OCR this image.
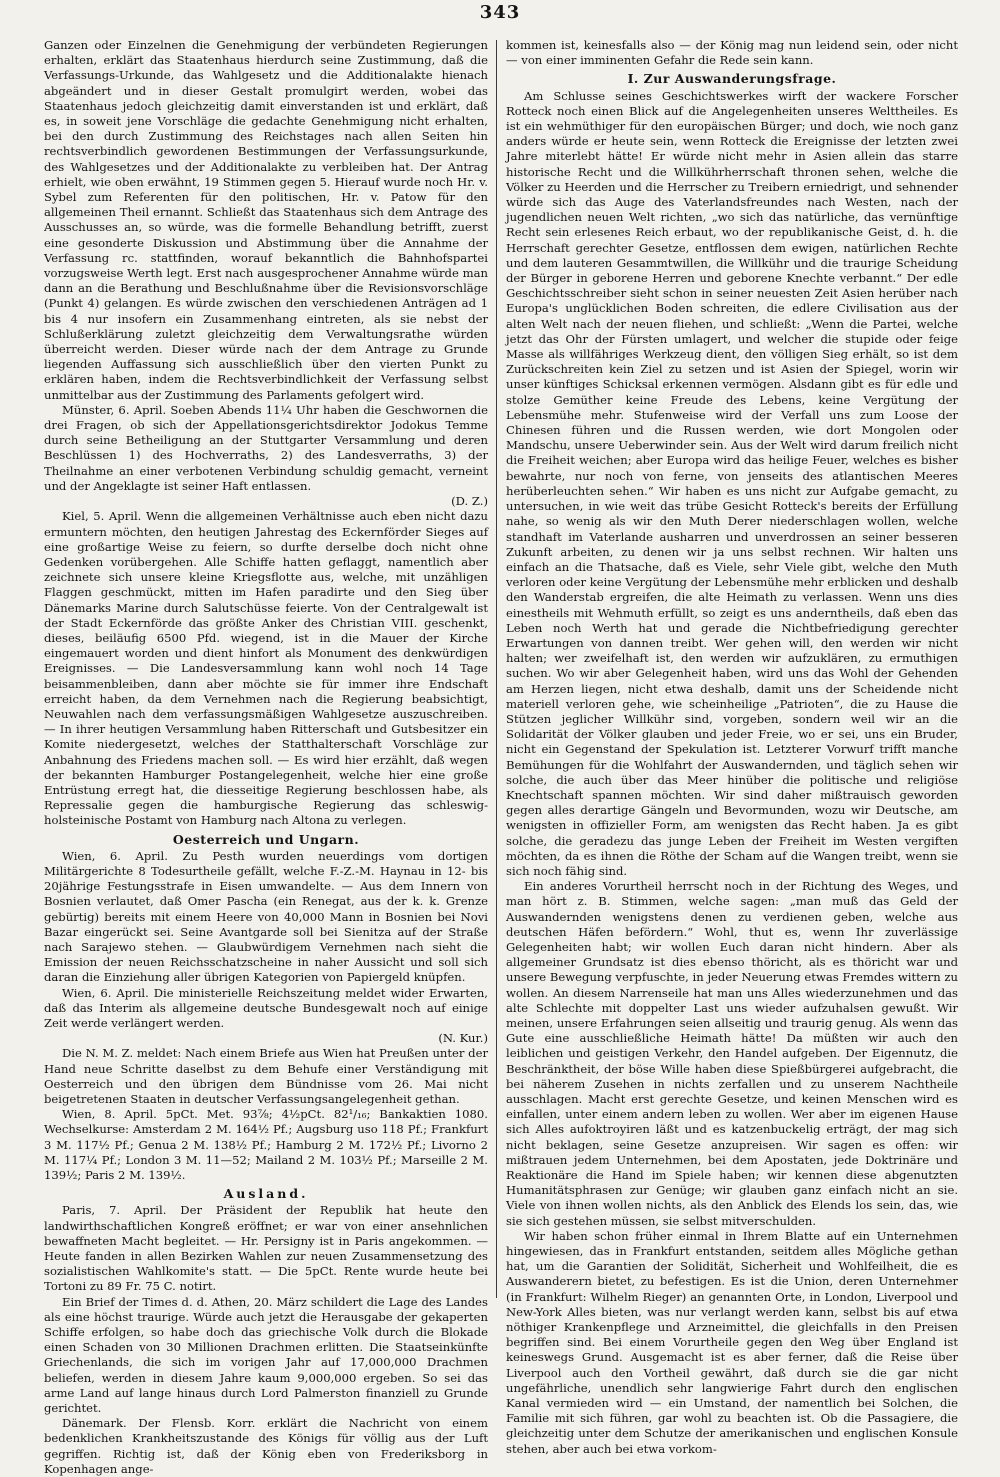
343

Ganzen oder Einzelnen die Genehmigung der verbündeten Regierungen erhalten, erklärt das Staatenhaus hierdurch seine Zustimmung, daß die Verfassungs-Urkunde, das Wahlgesetz und die Additionalakte hienach abgeändert und in dieser Gestalt promulgirt werden, wobei das Staatenhaus jedoch gleichzeitig damit einverstanden ist und erklärt, daß es, in soweit jene Vorschläge die gedachte Genehmigung nicht erhalten, bei den durch Zustimmung des Reichstages nach allen Seiten hin rechtsverbindlich gewordenen Bestimmungen der Verfassungsurkunde, des Wahlgesetzes und der Additionalakte zu verbleiben hat. Der Antrag erhielt, wie oben erwähnt, 19 Stimmen gegen 5. Hierauf wurde noch Hr. v. Sybel zum Referenten für den politischen, Hr. v. Patow für den allgemeinen Theil ernannt. Schließt das Staatenhaus sich dem Antrage des Ausschusses an, so würde, was die formelle Behandlung betrifft, zuerst eine gesonderte Diskussion und Abstimmung über die Annahme der Verfassung rc. stattfinden, worauf bekanntlich die Bahnhofspartei vorzugsweise Werth legt. Erst nach ausgesprochener Annahme würde man dann an die Berathung und Beschlußnahme über die Revisionsvorschläge (Punkt 4) gelangen. Es würde zwischen den verschiedenen Anträgen ad 1 bis 4 nur insofern ein Zusammenhang eintreten, als sie nebst der Schlußerklärung zuletzt gleichzeitig dem Verwaltungsrathe würden überreicht werden. Dieser würde nach der dem Antrage zu Grunde liegenden Auffassung sich ausschließlich über den vierten Punkt zu erklären haben, indem die Rechtsverbindlichkeit der Verfassung selbst unmittelbar aus der Zustimmung des Parlaments gefolgert wird.

Münster, 6. April. Soeben Abends 11¼ Uhr haben die Geschwornen die drei Fragen, ob sich der Appellationsgerichtsdirektor Jodokus Temme durch seine Betheiligung an der Stuttgarter Versammlung und deren Beschlüssen 1) des Hochverraths, 2) des Landesverraths, 3) der Theilnahme an einer verbotenen Verbindung schuldig gemacht, verneint und der Angeklagte ist seiner Haft entlassen.

(D. Z.)

Kiel, 5. April. Wenn die allgemeinen Verhältnisse auch eben nicht dazu ermuntern möchten, den heutigen Jahrestag des Eckernförder Sieges auf eine großartige Weise zu feiern, so durfte derselbe doch nicht ohne Gedenken vorübergehen. Alle Schiffe hatten geflaggt, namentlich aber zeichnete sich unsere kleine Kriegsflotte aus, welche, mit unzähligen Flaggen geschmückt, mitten im Hafen paradirte und den Sieg über Dänemarks Marine durch Salutschüsse feierte. Von der Centralgewalt ist der Stadt Eckernförde das größte Anker des Christian VIII. geschenkt, dieses, beiläufig 6500 Pfd. wiegend, ist in die Mauer der Kirche eingemauert worden und dient hinfort als Monument des denkwürdigen Ereignisses. — Die Landesversammlung kann wohl noch 14 Tage beisammenbleiben, dann aber möchte sie für immer ihre Endschaft erreicht haben, da dem Vernehmen nach die Regierung beabsichtigt, Neuwahlen nach dem verfassungsmäßigen Wahlgesetze auszuschreiben. — In ihrer heutigen Versammlung haben Ritterschaft und Gutsbesitzer ein Komite niedergesetzt, welches der Statthalterschaft Vorschläge zur Anbahnung des Friedens machen soll. — Es wird hier erzählt, daß wegen der bekannten Hamburger Postangelegenheit, welche hier eine große Entrüstung erregt hat, die diesseitige Regierung beschlossen habe, als Repressalie gegen die hamburgische Regierung das schleswig-holsteinische Postamt von Hamburg nach Altona zu verlegen.

Oesterreich und Ungarn.

Wien, 6. April. Zu Pesth wurden neuerdings vom dortigen Militärgerichte 8 Todesurtheile gefällt, welche F.-Z.-M. Haynau in 12- bis 20jährige Festungsstrafe in Eisen umwandelte. — Aus dem Innern von Bosnien verlautet, daß Omer Pascha (ein Renegat, aus der k. k. Grenze gebürtig) bereits mit einem Heere von 40,000 Mann in Bosnien bei Novi Bazar eingerückt sei. Seine Avantgarde soll bei Sienitza auf der Straße nach Sarajewo stehen. — Glaubwürdigem Vernehmen nach sieht die Emission der neuen Reichsschatzscheine in naher Aussicht und soll sich daran die Einziehung aller übrigen Kategorien von Papiergeld knüpfen.

Wien, 6. April. Die ministerielle Reichszeitung meldet wider Erwarten, daß das Interim als allgemeine deutsche Bundesgewalt noch auf einige Zeit werde verlängert werden.

(N. Kur.)

Die N. M. Z. meldet: Nach einem Briefe aus Wien hat Preußen unter der Hand neue Schritte daselbst zu dem Behufe einer Verständigung mit Oesterreich und den übrigen dem Bündnisse vom 26. Mai nicht beigetretenen Staaten in deutscher Verfassungsangelegenheit gethan.

Wien, 8. April. 5pCt. Met. 93⅞; 4½pCt. 82¹/₁₆; Bankaktien 1080. Wechselkurse: Amsterdam 2 M. 164½ Pf.; Augsburg uso 118 Pf.; Frankfurt 3 M. 117½ Pf.; Genua 2 M. 138½ Pf.; Hamburg 2 M. 172½ Pf.; Livorno 2 M. 117¼ Pf.; London 3 M. 11—52; Mailand 2 M. 103½ Pf.; Marseille 2 M. 139½; Paris 2 M. 139½.

Ausland.

Paris, 7. April. Der Präsident der Republik hat heute den landwirthschaftlichen Kongreß eröffnet; er war von einer ansehnlichen bewaffneten Macht begleitet. — Hr. Persigny ist in Paris angekommen. — Heute fanden in allen Bezirken Wahlen zur neuen Zusammensetzung des sozialistischen Wahlkomite's statt. — Die 5pCt. Rente wurde heute bei Tortoni zu 89 Fr. 75 C. notirt.

Ein Brief der Times d. d. Athen, 20. März schildert die Lage des Landes als eine höchst traurige. Würde auch jetzt die Herausgabe der gekaperten Schiffe erfolgen, so habe doch das griechische Volk durch die Blokade einen Schaden von 30 Millionen Drachmen erlitten. Die Staatseinkünfte Griechenlands, die sich im vorigen Jahr auf 17,000,000 Drachmen beliefen, werden in diesem Jahre kaum 9,000,000 ergeben. So sei das arme Land auf lange hinaus durch Lord Palmerston finanziell zu Grunde gerichtet.

Dänemark. Der Flensb. Korr. erklärt die Nachricht von einem bedenklichen Krankheitszustande des Königs für völlig aus der Luft gegriffen. Richtig ist, daß der König eben von Frederiksborg in Kopenhagen ange-

kommen ist, keinesfalls also — der König mag nun leidend sein, oder nicht — von einer imminenten Gefahr die Rede sein kann.

I. Zur Auswanderungsfrage.

Am Schlusse seines Geschichtswerkes wirft der wackere Forscher Rotteck noch einen Blick auf die Angelegenheiten unseres Welttheiles. Es ist ein wehmüthiger für den europäischen Bürger; und doch, wie noch ganz anders würde er heute sein, wenn Rotteck die Ereignisse der letzten zwei Jahre miterlebt hätte! Er würde nicht mehr in Asien allein das starre historische Recht und die Willkührherrschaft thronen sehen, welche die Völker zu Heerden und die Herrscher zu Treibern erniedrigt, und sehnender würde sich das Auge des Vaterlandsfreundes nach Westen, nach der jugendlichen neuen Welt richten, „wo sich das natürliche, das vernünftige Recht sein erlesenes Reich erbaut, wo der republikanische Geist, d. h. die Herrschaft gerechter Gesetze, entflossen dem ewigen, natürlichen Rechte und dem lauteren Gesammtwillen, die Willkühr und die traurige Scheidung der Bürger in geborene Herren und geborene Knechte verbannt.“ Der edle Geschichtsschreiber sieht schon in seiner neuesten Zeit Asien herüber nach Europa's unglücklichen Boden schreiten, die edlere Civilisation aus der alten Welt nach der neuen fliehen, und schließt: „Wenn die Partei, welche jetzt das Ohr der Fürsten umlagert, und welcher die stupide oder feige Masse als willfähriges Werkzeug dient, den völligen Sieg erhält, so ist dem Zurückschreiten kein Ziel zu setzen und ist Asien der Spiegel, worin wir unser künftiges Schicksal erkennen vermögen. Alsdann gibt es für edle und stolze Gemüther keine Freude des Lebens, keine Vergütung der Lebensmühe mehr. Stufenweise wird der Verfall uns zum Loose der Chinesen führen und die Russen werden, wie dort Mongolen oder Mandschu, unsere Ueberwinder sein. Aus der Welt wird darum freilich nicht die Freiheit weichen; aber Europa wird das heilige Feuer, welches es bisher bewahrte, nur noch von ferne, von jenseits des atlantischen Meeres herüberleuchten sehen.“ Wir haben es uns nicht zur Aufgabe gemacht, zu untersuchen, in wie weit das trübe Gesicht Rotteck's bereits der Erfüllung nahe, so wenig als wir den Muth Derer niederschlagen wollen, welche standhaft im Vaterlande ausharren und unverdrossen an seiner besseren Zukunft arbeiten, zu denen wir ja uns selbst rechnen. Wir halten uns einfach an die Thatsache, daß es Viele, sehr Viele gibt, welche den Muth verloren oder keine Vergütung der Lebensmühe mehr erblicken und deshalb den Wanderstab ergreifen, die alte Heimath zu verlassen. Wenn uns dies einestheils mit Wehmuth erfüllt, so zeigt es uns anderntheils, daß eben das Leben noch Werth hat und gerade die Nichtbefriedigung gerechter Erwartungen von dannen treibt. Wer gehen will, den werden wir nicht halten; wer zweifelhaft ist, den werden wir aufzuklären, zu ermuthigen suchen. Wo wir aber Gelegenheit haben, wird uns das Wohl der Gehenden am Herzen liegen, nicht etwa deshalb, damit uns der Scheidende nicht materiell verloren gehe, wie scheinheilige „Patrioten“, die zu Hause die Stützen jeglicher Willkühr sind, vorgeben, sondern weil wir an die Solidarität der Völker glauben und jeder Freie, wo er sei, uns ein Bruder, nicht ein Gegenstand der Spekulation ist. Letzterer Vorwurf trifft manche Bemühungen für die Wohlfahrt der Auswandernden, und täglich sehen wir solche, die auch über das Meer hinüber die politische und religiöse Knechtschaft spannen möchten. Wir sind daher mißtrauisch geworden gegen alles derartige Gängeln und Bevormunden, wozu wir Deutsche, am wenigsten in offizieller Form, am wenigsten das Recht haben. Ja es gibt solche, die geradezu das junge Leben der Freiheit im Westen vergiften möchten, da es ihnen die Röthe der Scham auf die Wangen treibt, wenn sie sich noch fähig sind.

Ein anderes Vorurtheil herrscht noch in der Richtung des Weges, und man hört z. B. Stimmen, welche sagen: „man muß das Geld der Auswandernden wenigstens denen zu verdienen geben, welche aus deutschen Häfen befördern.“ Wohl, thut es, wenn Ihr zuverlässige Gelegenheiten habt; wir wollen Euch daran nicht hindern. Aber als allgemeiner Grundsatz ist dies ebenso thöricht, als es thöricht war und unsere Bewegung verpfuschte, in jeder Neuerung etwas Fremdes wittern zu wollen. An diesem Narrenseile hat man uns Alles wiederzunehmen und das alte Schlechte mit doppelter Last uns wieder aufzuhalsen gewußt. Wir meinen, unsere Erfahrungen seien allseitig und traurig genug. Als wenn das Gute eine ausschließliche Heimath hätte! Da müßten wir auch den leiblichen und geistigen Verkehr, den Handel aufgeben. Der Eigennutz, die Beschränktheit, der böse Wille haben diese Spießbürgerei aufgebracht, die bei näherem Zusehen in nichts zerfallen und zu unserem Nachtheile ausschlagen. Macht erst gerechte Gesetze, und keinen Menschen wird es einfallen, unter einem andern leben zu wollen. Wer aber im eigenen Hause sich Alles aufoktroyiren läßt und es katzenbuckelig erträgt, der mag sich nicht beklagen, seine Gesetze anzupreisen. Wir sagen es offen: wir mißtrauen jedem Unternehmen, bei dem Apostaten, jede Doktrinäre und Reaktionäre die Hand im Spiele haben; wir kennen diese abgenutzten Humanitätsphrasen zur Genüge; wir glauben ganz einfach nicht an sie. Viele von ihnen wollen nichts, als den Anblick des Elends los sein, das, wie sie sich gestehen müssen, sie selbst mitverschulden.

Wir haben schon früher einmal in Ihrem Blatte auf ein Unternehmen hingewiesen, das in Frankfurt entstanden, seitdem alles Mögliche gethan hat, um die Garantien der Solidität, Sicherheit und Wohlfeilheit, die es Auswanderern bietet, zu befestigen. Es ist die Union, deren Unternehmer (in Frankfurt: Wilhelm Rieger) an genannten Orte, in London, Liverpool und New-York Alles bieten, was nur verlangt werden kann, selbst bis auf etwa nöthiger Krankenpflege und Arzneimittel, die gleichfalls in den Preisen begriffen sind. Bei einem Vorurtheile gegen den Weg über England ist keineswegs Grund. Ausgemacht ist es aber ferner, daß die Reise über Liverpool auch den Vortheil gewährt, daß durch sie die gar nicht ungefährliche, unendlich sehr langwierige Fahrt durch den englischen Kanal vermieden wird — ein Umstand, der namentlich bei Solchen, die Familie mit sich führen, gar wohl zu beachten ist. Ob die Passagiere, die gleichzeitig unter dem Schutze der amerikanischen und englischen Konsule stehen, aber auch bei etwa vorkom-
